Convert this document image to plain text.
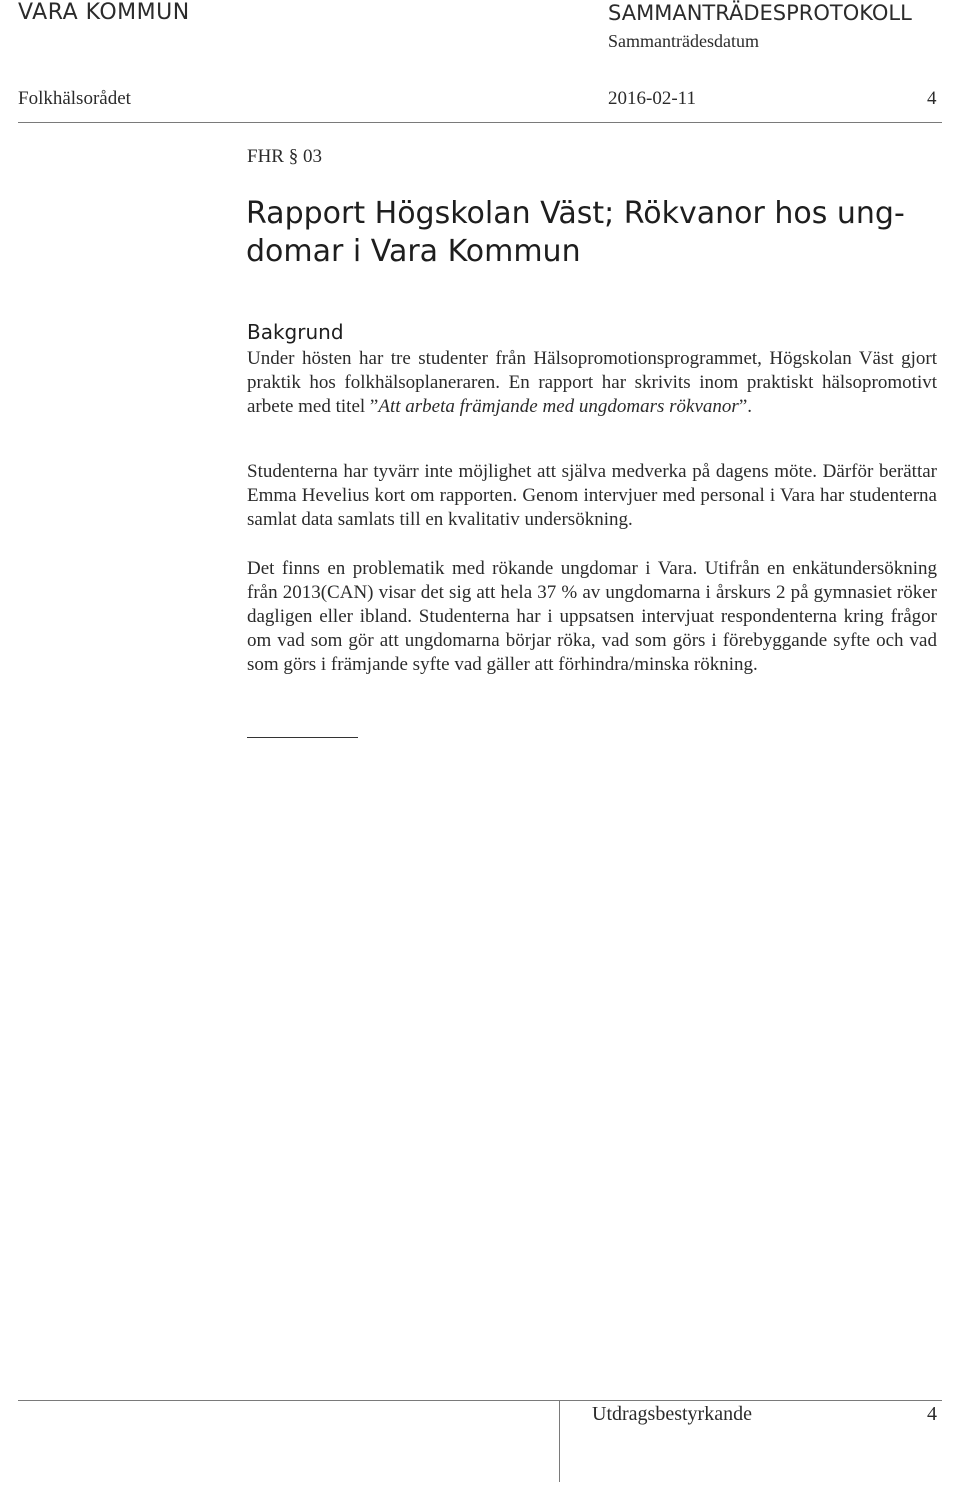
VARA KOMMUN	SAMMANTRÄDESPROTOKOLL
Sammanträdesdatum
Folkhälsorådet	2016-02-11	4
FHR § 03
Rapport Högskolan Väst; Rökvanor hos ung-
domar i Vara Kommun
Bakgrund
Under hösten har tre studenter från Hälsopromotionsprogrammet, Högskolan Väst gjort praktik hos folkhälsoplaneraren. En rapport har skrivits inom praktiskt hälsopromotivt arbete med titel ”Att arbeta främjande med ungdomars rökvanor”.
Studenterna har tyvärr inte möjlighet att själva medverka på dagens möte. Därför berättar Emma Hevelius kort om rapporten. Genom intervjuer med personal i Vara har studenterna samlat data samlats till en kvalitativ undersökning.
Det finns en problematik med rökande ungdomar i Vara. Utifrån en enkätundersökning från 2013(CAN) visar det sig att hela 37 % av ungdomarna i årskurs 2 på gymnasiet röker dagligen eller ibland. Studenterna har i uppsatsen intervjuat respondenterna kring frågor om vad som gör att ungdomarna börjar röka, vad som görs i förebyggande syfte och vad som görs i främjande syfte vad gäller att förhindra/minska rökning.
Utdragsbestyrkande	4
